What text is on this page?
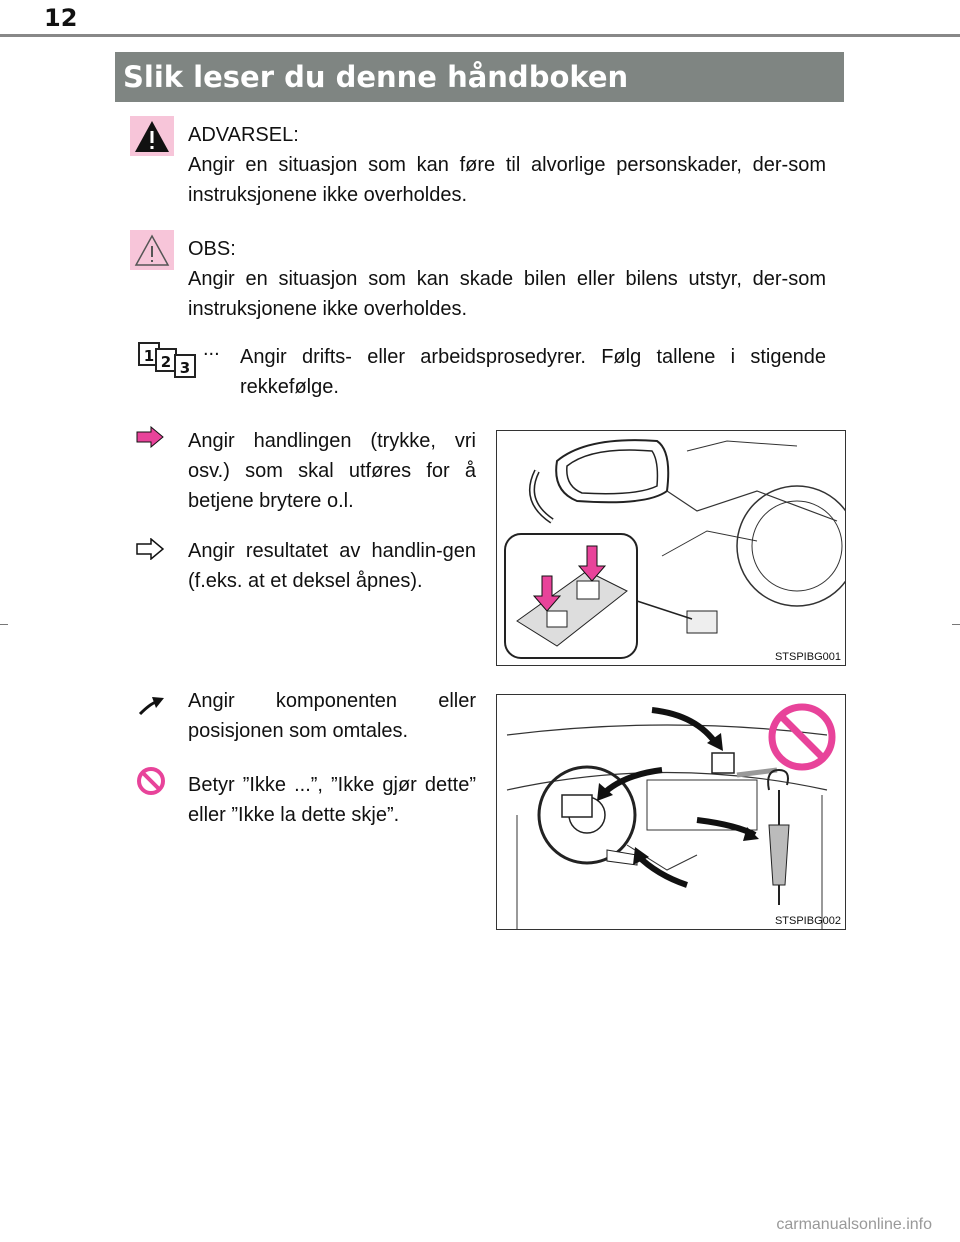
12
Slik leser du denne håndboken
ADVARSEL:
Angir en situasjon som kan føre til alvorlige personskader, der-som instruksjonene ikke overholdes.
OBS:
Angir en situasjon som kan skade bilen eller bilens utstyr, der-som instruksjonene ikke overholdes.
1 2 3
... Angir drifts- eller arbeidsprosedyrer. Følg tallene i stigende rekkefølge.
Angir handlingen (trykke, vri osv.) som skal utføres for å betjene brytere o.l.
Angir resultatet av handlin-gen (f.eks. at et deksel åpnes).
Angir komponenten eller posisjonen som omtales.
Betyr ”Ikke ...”, ”Ikke gjør dette” eller ”Ikke la dette skje”.
STSPIBG001
STSPIBG002
carmanualsonline.info
